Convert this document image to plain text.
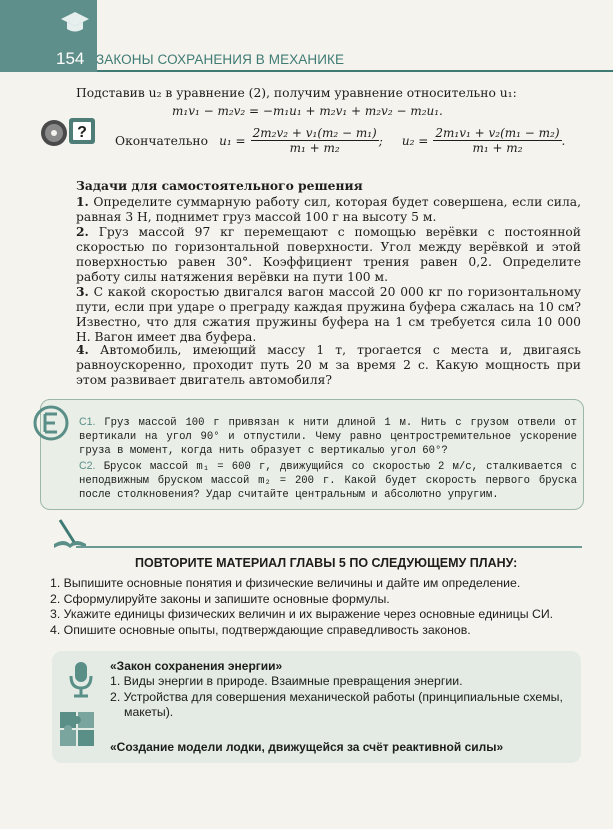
154 ЗАКОНЫ СОХРАНЕНИЯ В МЕХАНИКЕ
Подставив u₂ в уравнение (2), получим уравнение относительно u₁:
m₁v₁ − m₂v₂ = −m₁u₁ + m₂v₁ + m₂v₂ − m₂u₁.
? Окончательно $u_1 = \frac{\text{2m₂v₂ + v₁(m₂ − m₁)}}{\text{m₁ + m₂}}$ ; $u_2 = \frac{\text{2m₁v₁ + v₂(m₁ − m₂)}}{\text{m₁ + m₂}}$ .
Задачи для самостоятельного решения
1. Определите суммарную работу сил, которая будет совершена, если сила, равная 3 Н, поднимет груз массой 100 г на высоту 5 м.
2. Груз массой 97 кг перемещают с помощью верёвки с постоянной скоростью по горизонтальной поверхности. Угол между верёвкой и этой поверхностью равен 30°. Коэффициент трения равен 0,2. Определите работу силы натяжения верёвки на пути 100 м.
3. С какой скоростью двигался вагон массой 20 000 кг по горизонтальному пути, если при ударе о преграду каждая пружина буфера сжалась на 10 см? Известно, что для сжатия пружины буфера на 1 см требуется сила 10 000 Н. Вагон имеет два буфера.
4. Автомобиль, имеющий массу 1 т, трогается с места и, двигаясь равноускоренно, проходит путь 20 м за время 2 с. Какую мощность при этом развивает двигатель автомобиля?
С1. Груз массой 100 г привязан к нити длиной 1 м. Нить с грузом отвели от вертикали на угол 90° и отпустили. Чему равно центростремительное ускорение груза в момент, когда нить образует с вертикалью угол 60°?
С2. Брусок массой m₁ = 600 г, движущийся со скоростью 2 м/с, сталкивается с неподвижным бруском массой m₂ = 200 г. Какой будет скорость первого бруска после столкновения? Удар считайте центральным и абсолютно упругим.
ПОВТОРИТЕ МАТЕРИАЛ ГЛАВЫ 5 ПО СЛЕДУЮЩЕМУ ПЛАНУ:
1. Выпишите основные понятия и физические величины и дайте им определение.
2. Сформулируйте законы и запишите основные формулы.
3. Укажите единицы физических величин и их выражение через основные единицы СИ.
4. Опишите основные опыты, подтверждающие справедливость законов.
«Закон сохранения энергии»
1. Виды энергии в природе. Взаимные превращения энергии.
2. Устройства для совершения механической работы (принципиальные схемы, макеты).
«Создание модели лодки, движущейся за счёт реактивной силы»
